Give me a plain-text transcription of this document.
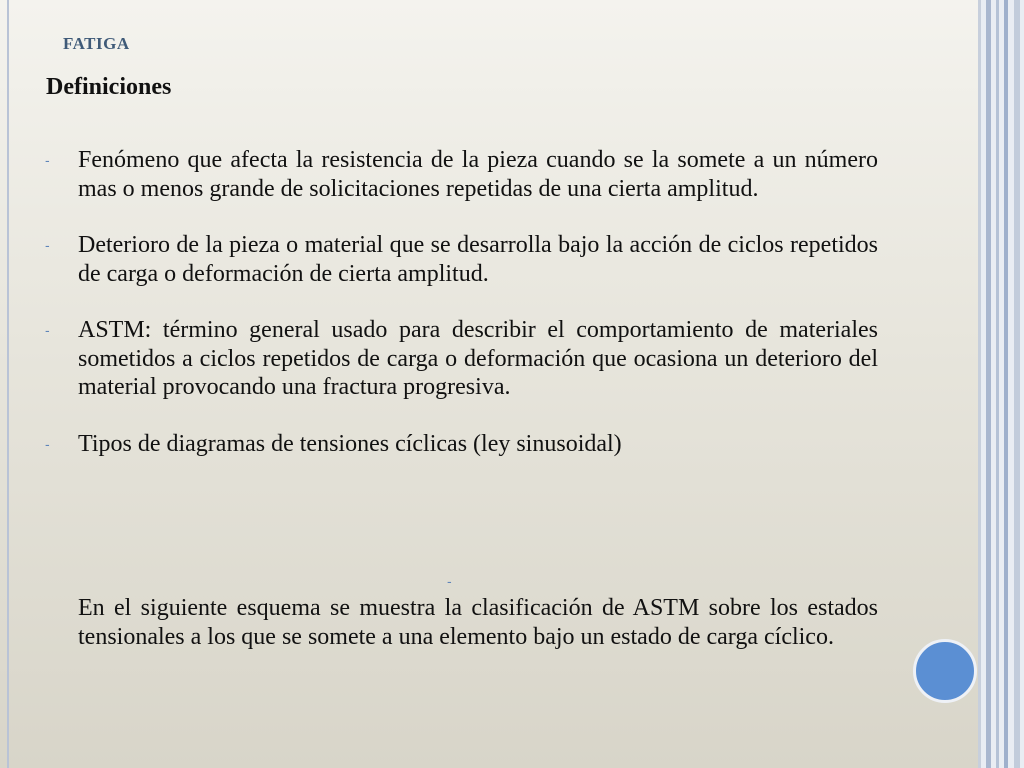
FATIGA
Definiciones
-	Fenómeno que afecta la resistencia de la pieza cuando se la somete a un número mas o menos grande de solicitaciones repetidas de una cierta amplitud.
-	Deterioro de la pieza o material que se desarrolla bajo la acción de ciclos repetidos de carga o deformación de cierta amplitud.
-	ASTM: término general usado para describir el comportamiento de materiales sometidos a ciclos repetidos de carga o deformación que ocasiona un deterioro del material provocando una fractura progresiva.
-	Tipos de diagramas de tensiones cíclicas (ley sinusoidal)
-

En el siguiente esquema se muestra la clasificación de ASTM sobre los estados tensionales a los que se somete a una elemento bajo un estado de carga cíclico.
